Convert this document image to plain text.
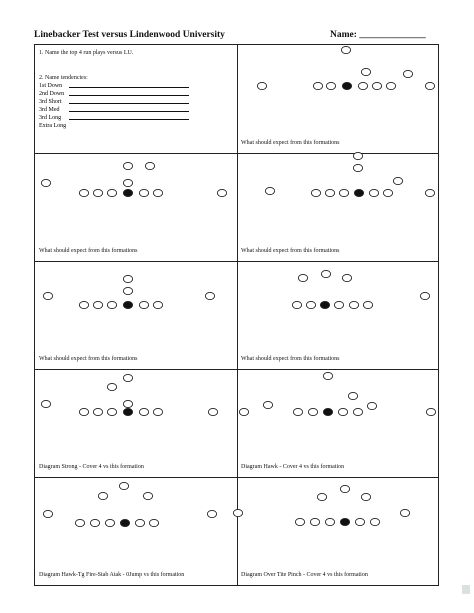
Linebacker Test versus Lindenwood University	Name: ______________
1. Name the top 4 run plays versus LU.
2. Name tendencies:
1st Down
2nd Down
3rd Short
3rd Med
3rd Long
Extra Long
What should expect from this formations
What should expect from this formations	What should expect from this formations
What should expect from this formations	What should expect from this formations
Diagram Strong - Cover 4 vs this formation	Diagram Hawk - Cover 4 vs this formation
Diagram Hawk-Tg Fire-Stab Atak - 0Jump vs this formation	Diagram Over Tite Pinch - Cover 4 vs this formation
